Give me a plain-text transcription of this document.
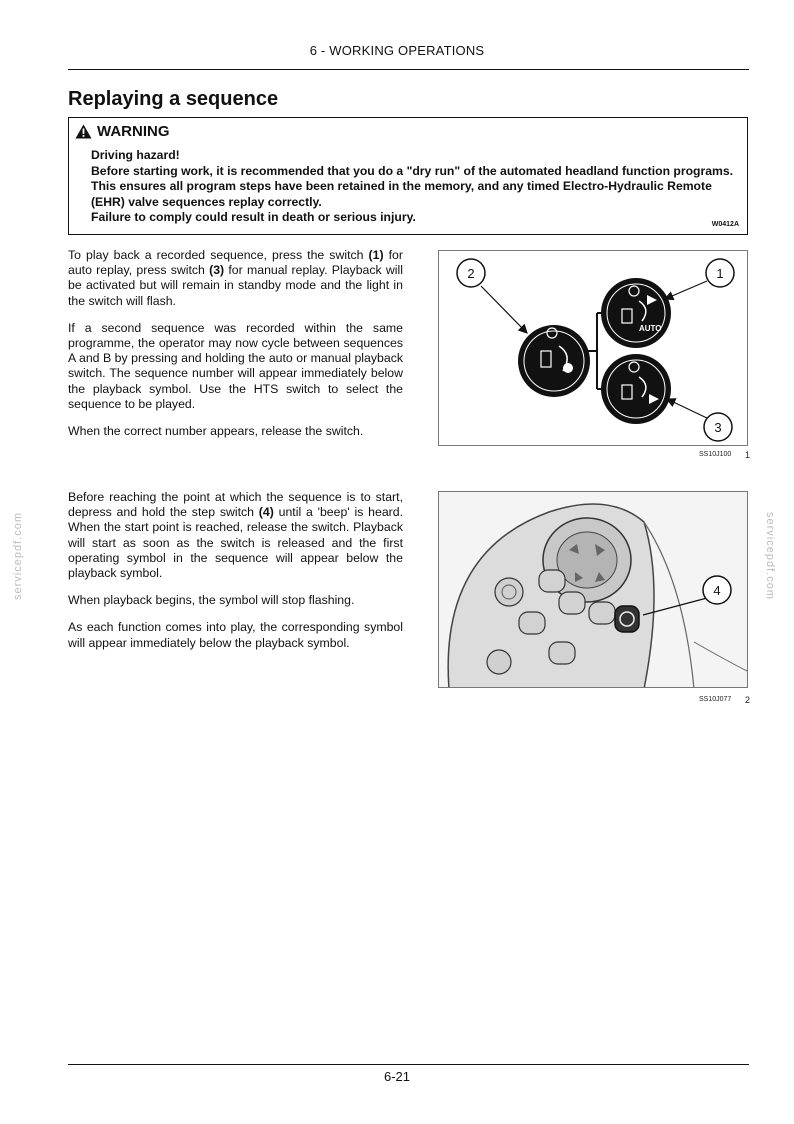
6 - WORKING OPERATIONS
Replaying a sequence
WARNING

Driving hazard!

Before starting work, it is recommended that you do a "dry run" of the automated headland function programs. This ensures all program steps have been retained in the memory, and any timed Electro-Hydraulic Remote (EHR) valve sequences replay correctly.

Failure to comply could result in death or serious injury.

W0412A

To play back a recorded sequence, press the switch (1) for auto replay, press switch (3) for manual replay. Playback will be activated but will remain in standby mode and the light in the switch will flash.

If a second sequence was recorded within the same programme, the operator may now cycle between sequences A and B by pressing and holding the auto or manual playback switch. The sequence number will appear immediately below the playback symbol. Use the HTS switch to select the sequence to be played.

When the correct number appears, release the switch.

AUTO
2	1
3
SS10J100 1

Before reaching the point at which the sequence is to start, depress and hold the step switch (4) until a 'beep' is heard. When the start point is reached, release the switch. Playback will start as soon as the switch is released and the first operating symbol in the sequence will appear below the playback symbol.

When playback begins, the symbol will stop flashing.

As each function comes into play, the corresponding symbol will appear immediately below the playback symbol.

4
SS10J077 2
servicepdf.com	servicepdf.com
6-21
